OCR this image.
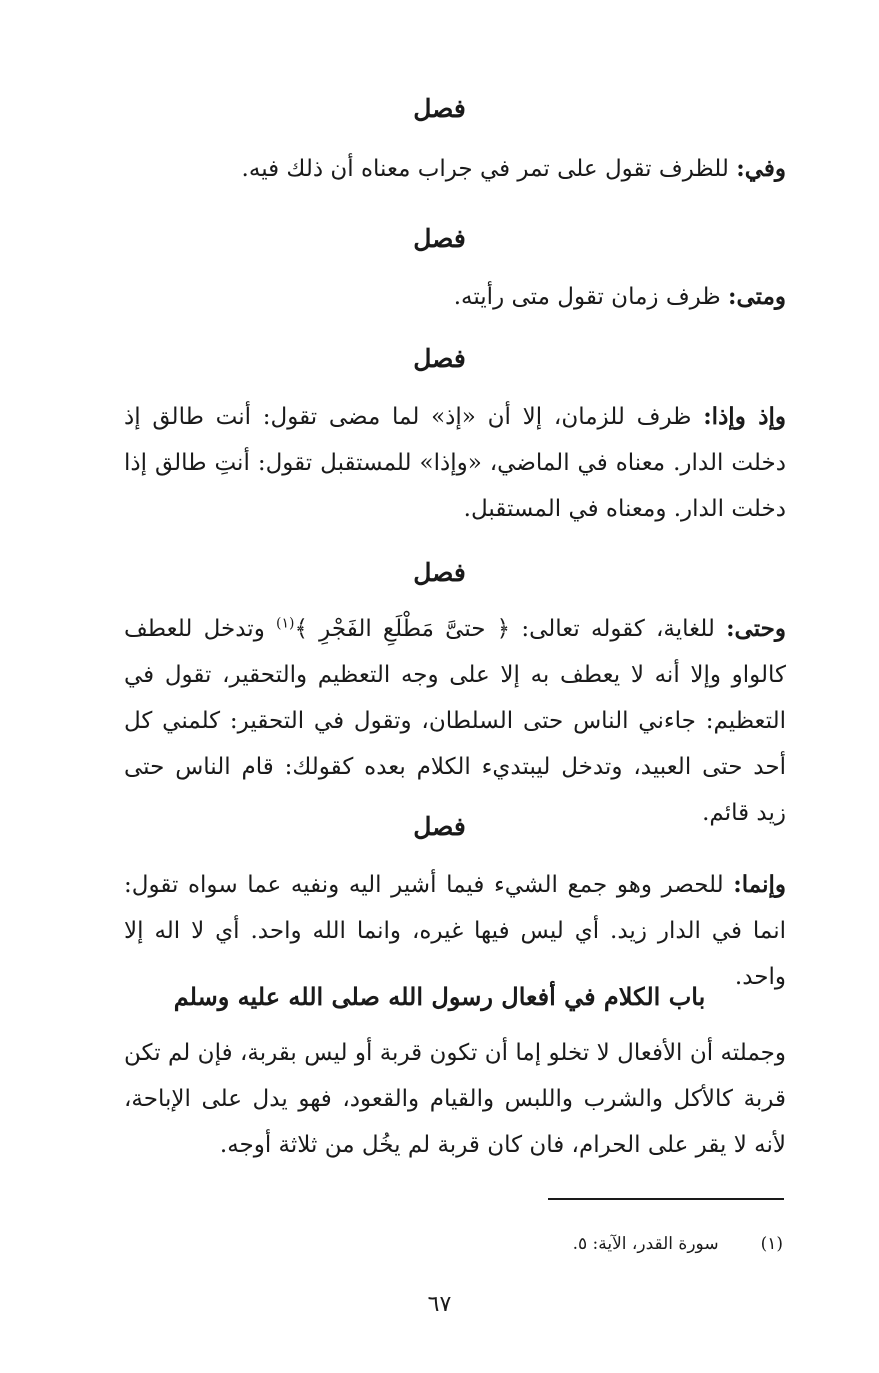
فصل
وفي: للظرف تقول على تمر في جراب معناه أن ذلك فيه.
فصل
ومتى: ظرف زمان تقول متى رأيته.
فصل
وإذ وإذا: ظرف للزمان، إلا أن «إذ» لما مضى تقول: أنت طالق إذ دخلت الدار. معناه في الماضي، «وإذا» للمستقبل تقول: أنتِ طالق إذا دخلت الدار. ومعناه في المستقبل.
فصل
وحتى: للغاية، كقوله تعالى: ﴿ حتىَّ مَطْلَعِ الفَجْرِ ﴾$^{(١)}$ وتدخل للعطف كالواو وإلا أنه لا يعطف به إلا على وجه التعظيم والتحقير، تقول في التعظيم: جاءني الناس حتى السلطان، وتقول في التحقير: كلمني كل أحد حتى العبيد، وتدخل ليبتديء الكلام بعده كقولك: قام الناس حتى زيد قائم.
فصل
وإنما: للحصر وهو جمع الشيء فيما أشير اليه ونفيه عما سواه تقول: انما في الدار زيد. أي ليس فيها غيره، وانما الله واحد. أي لا اله إلا واحد.
باب الكلام في أفعال رسول الله صلى الله عليه وسلم
وجملته أن الأفعال لا تخلو إما أن تكون قربة أو ليس بقربة، فإن لم تكن قربة كالأكل والشرب واللبس والقيام والقعود، فهو يدل على الإباحة، لأنه لا يقر على الحرام، فان كان قربة لم يخُل من ثلاثة أوجه.
(١)سورة القدر، الآية: ٥.
٦٧
